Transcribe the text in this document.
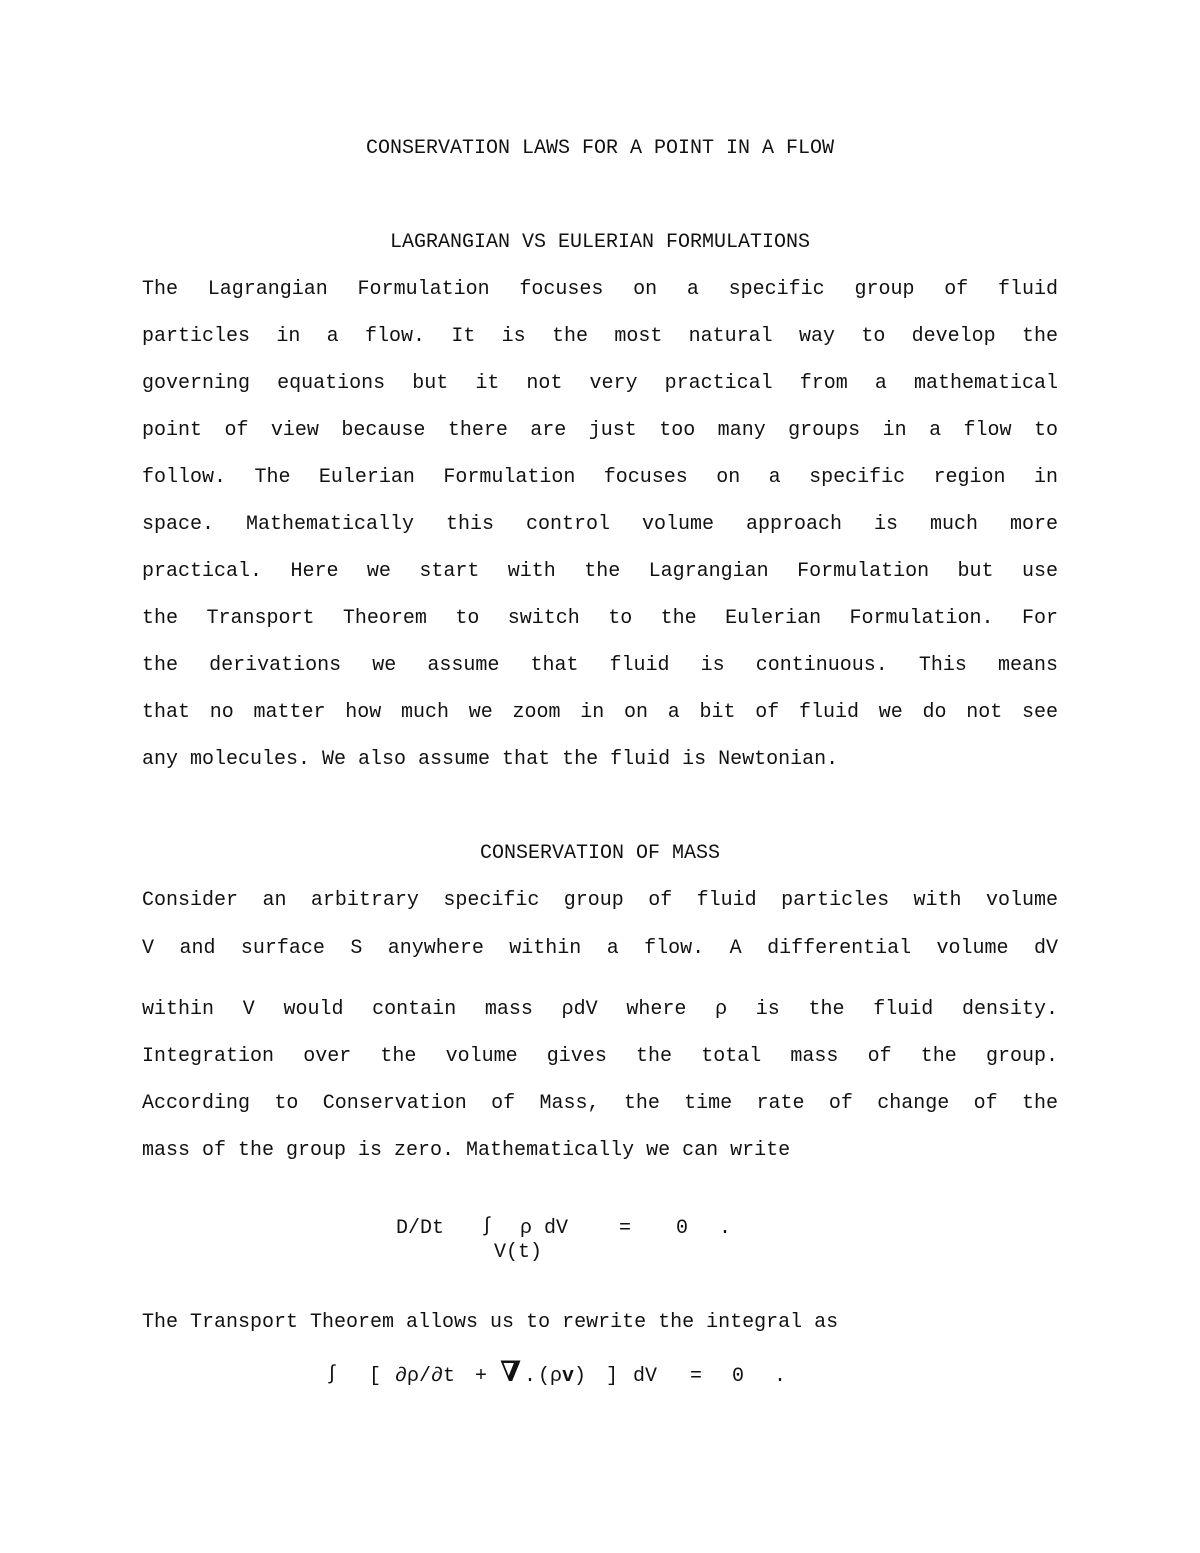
CONSERVATION LAWS FOR A POINT IN A FLOW
LAGRANGIAN VS EULERIAN FORMULATIONS
The Lagrangian Formulation focuses on a specific group of fluid
particles in a flow. It is the most natural way to develop the
governing equations but it not very practical from a mathematical
point of view because there are just too many groups in a flow to
follow. The Eulerian Formulation focuses on a specific region in
space. Mathematically this control volume approach is much more
practical. Here we start with the Lagrangian Formulation but use
the Transport Theorem to switch to the Eulerian Formulation. For
the derivations we assume that fluid is continuous. This means
that no matter how much we zoom in on a bit of fluid we do not see
any molecules. We also assume that the fluid is Newtonian.
CONSERVATION OF MASS
Consider an arbitrary specific group of fluid particles with volume
V and surface S anywhere within a flow. A differential volume dV
within V would contain mass ρdV where ρ is the fluid density.
Integration over the volume gives the total mass of the group.
According to Conservation of Mass, the time rate of change of the
mass of the group is zero. Mathematically we can write
D/Dt ∫ ρ dV	= 0 .
V(t)
The Transport Theorem allows us to rewrite the integral as
∫ [ ∂ρ/∂t + ∇ . (ρ v ) ] dV = 0 .
